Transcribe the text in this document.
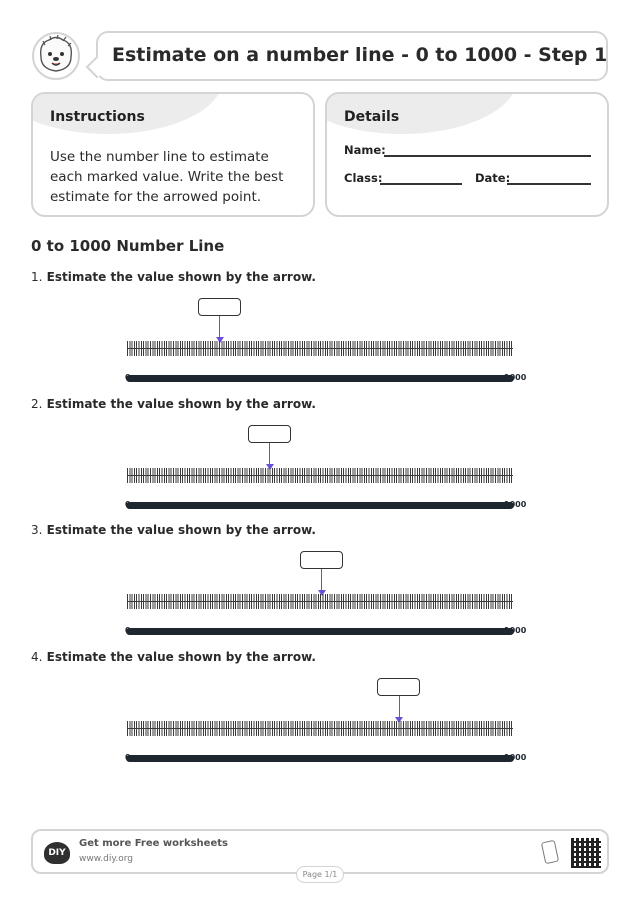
Estimate on a number line - 0 to 1000 - Step 1
Instructions
Use the number line to estimate each marked value. Write the best estimate for the arrowed point.
Details
Name:
Class:	Date:
0 to 1000 Number Line
1. Estimate the value shown by the arrow.
0	1000
2. Estimate the value shown by the arrow.
0	1000
3. Estimate the value shown by the arrow.
0	1000
4. Estimate the value shown by the arrow.
0	1000
DIY
Get more Free worksheets
www.diy.org
Page 1/1
